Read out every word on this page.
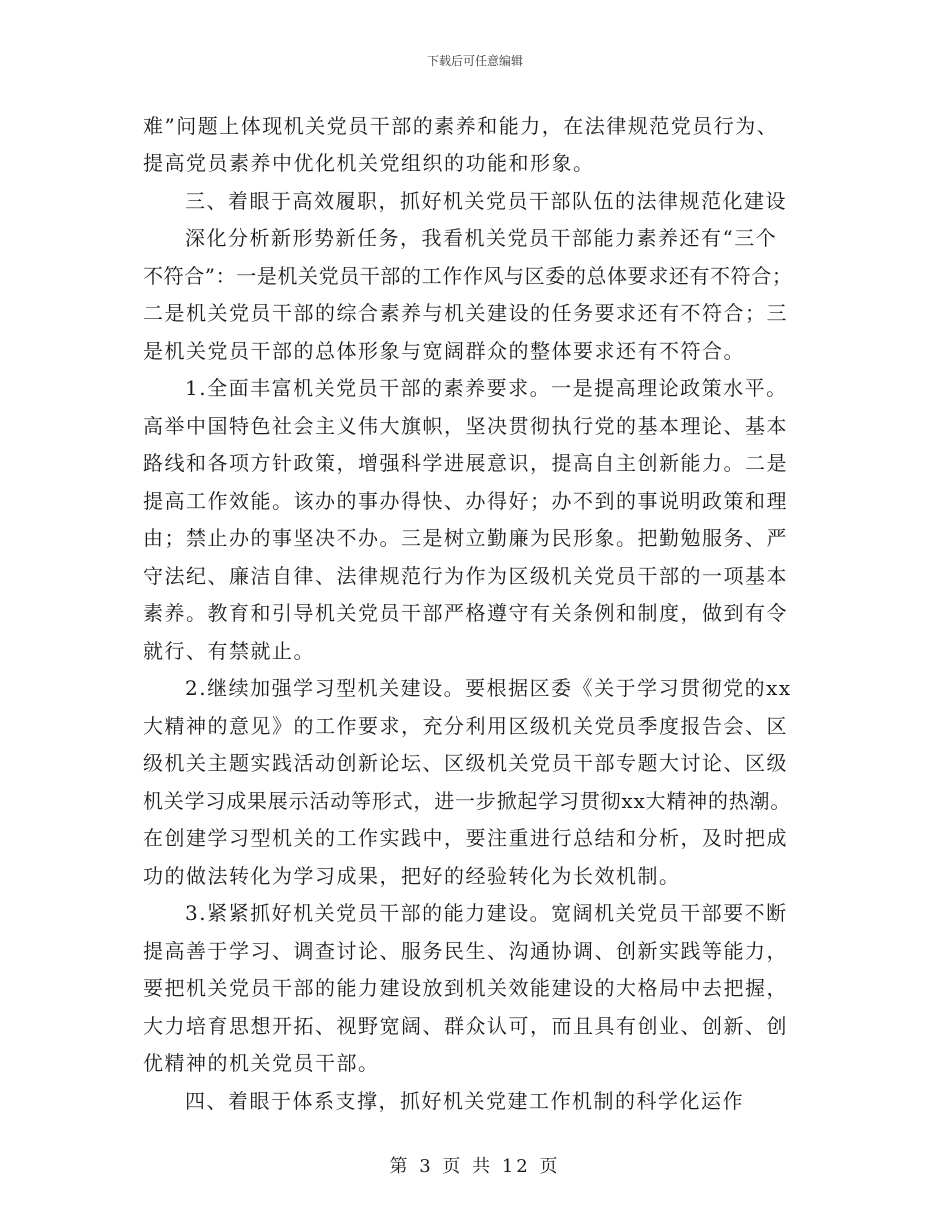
下载后可任意编辑
难”问题上体现机关党员干部的素养和能力，在法律规范党员行为、
提高党员素养中优化机关党组织的功能和形象。
三、着眼于高效履职，抓好机关党员干部队伍的法律规范化建设
深化分析新形势新任务，我看机关党员干部能力素养还有“三个
不符合”：一是机关党员干部的工作作风与区委的总体要求还有不符合；
二是机关党员干部的综合素养与机关建设的任务要求还有不符合；三
是机关党员干部的总体形象与宽阔群众的整体要求还有不符合。
1.全面丰富机关党员干部的素养要求。一是提高理论政策水平。
高举中国特色社会主义伟大旗帜，坚决贯彻执行党的基本理论、基本
路线和各项方针政策，增强科学进展意识，提高自主创新能力。二是
提高工作效能。该办的事办得快、办得好；办不到的事说明政策和理
由；禁止办的事坚决不办。三是树立勤廉为民形象。把勤勉服务、严
守法纪、廉洁自律、法律规范行为作为区级机关党员干部的一项基本
素养。教育和引导机关党员干部严格遵守有关条例和制度，做到有令
就行、有禁就止。
2.继续加强学习型机关建设。要根据区委《关于学习贯彻党的xx
大精神的意见》的工作要求，充分利用区级机关党员季度报告会、区
级机关主题实践活动创新论坛、区级机关党员干部专题大讨论、区级
机关学习成果展示活动等形式，进一步掀起学习贯彻xx大精神的热潮。
在创建学习型机关的工作实践中，要注重进行总结和分析，及时把成
功的做法转化为学习成果，把好的经验转化为长效机制。
3.紧紧抓好机关党员干部的能力建设。宽阔机关党员干部要不断
提高善于学习、调查讨论、服务民生、沟通协调、创新实践等能力，
要把机关党员干部的能力建设放到机关效能建设的大格局中去把握，
大力培育思想开拓、视野宽阔、群众认可，而且具有创业、创新、创
优精神的机关党员干部。
四、着眼于体系支撑，抓好机关党建工作机制的科学化运作
第 3 页 共 12 页
